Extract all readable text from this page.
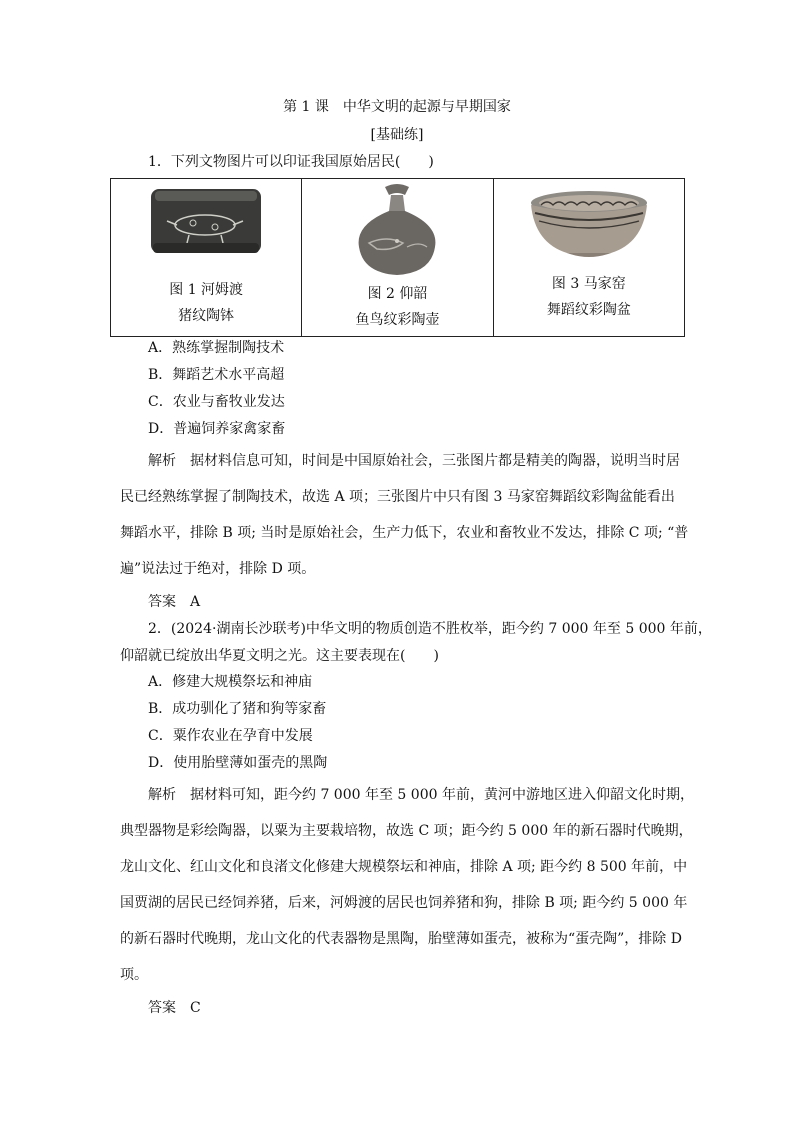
第 1 课　中华文明的起源与早期国家
[基础练]
1．下列文物图片可以印证我国原始居民(　　)
图 1 河姆渡
猪纹陶钵

图 2 仰韶
鱼鸟纹彩陶壶

图 3 马家窑
舞蹈纹彩陶盆
A．熟练掌握制陶技术
B．舞蹈艺术水平高超
C．农业与畜牧业发达
D．普遍饲养家禽家畜
解析 据材料信息可知，时间是中国原始社会，三张图片都是精美的陶器，说明当时居
民已经熟练掌握了制陶技术，故选 A 项；三张图片中只有图 3 马家窑舞蹈纹彩陶盆能看出
舞蹈水平，排除 B 项; 当时是原始社会，生产力低下，农业和畜牧业不发达，排除 C 项; “普
遍”说法过于绝对，排除 D 项。
答案 A
2．(2024·湖南长沙联考)中华文明的物质创造不胜枚举，距今约 7 000 年至 5 000 年前，
仰韶就已绽放出华夏文明之光。这主要表现在(　　)
A．修建大规模祭坛和神庙
B．成功驯化了猪和狗等家畜
C．粟作农业在孕育中发展
D．使用胎壁薄如蛋壳的黑陶
解析 据材料可知，距今约 7 000 年至 5 000 年前，黄河中游地区进入仰韶文化时期，
典型器物是彩绘陶器，以粟为主要栽培物，故选 C 项；距今约 5 000 年的新石器时代晚期，
龙山文化、红山文化和良渚文化修建大规模祭坛和神庙，排除 A 项; 距今约 8 500 年前，中
国贾湖的居民已经饲养猪，后来，河姆渡的居民也饲养猪和狗，排除 B 项; 距今约 5 000 年
的新石器时代晚期，龙山文化的代表器物是黑陶，胎壁薄如蛋壳，被称为“蛋壳陶”，排除 D
项。
答案 C
